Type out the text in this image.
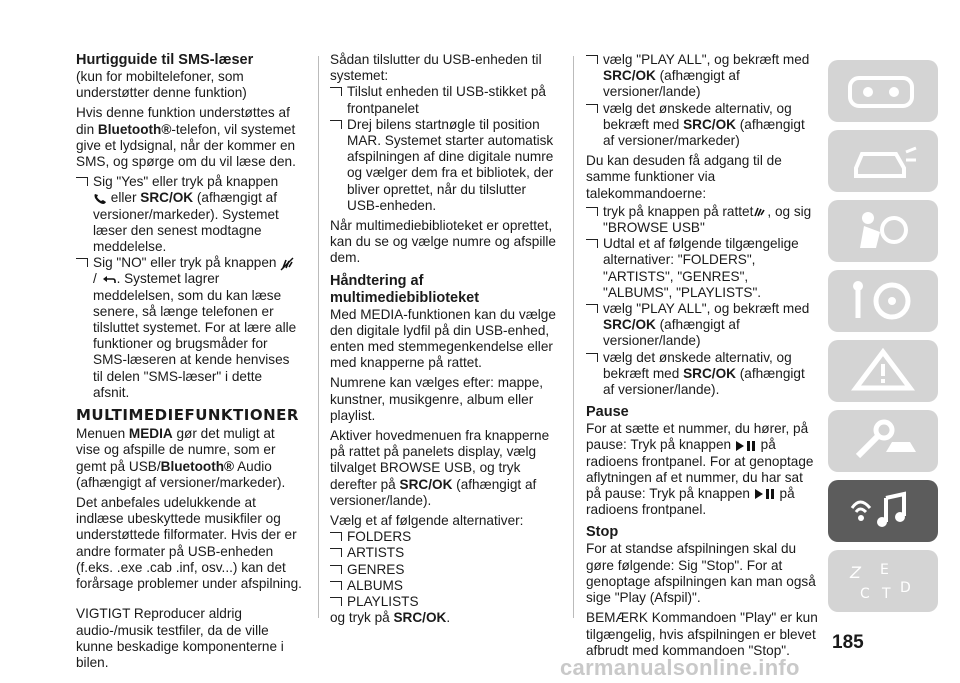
Hurtigguide til SMS-læser

(kun for mobiltelefoner, som understøtter denne funktion)

Hvis denne funktion understøttes af din Bluetooth®-telefon, vil systemet give et lydsignal, når der kommer en SMS, og spørge om du vil læse den.

Sig "Yes" eller tryk på knappen
eller SRC/OK (afhængigt af versioner/markeder). Systemet læser den senest modtagne meddelelse.
Sig "NO" eller tryk på knappen
/ . Systemet lagrer meddelelsen, som du kan læse senere, så længe telefonen er tilsluttet systemet. For at lære alle funktioner og brugsmåder for SMS-læseren at kende henvises til delen "SMS-læser" i dette afsnit.
MULTIMEDIEFUNKTIONER

Menuen MEDIA gør det muligt at vise og afspille de numre, som er gemt på USB/Bluetooth® Audio (afhængigt af versioner/markeder).

Det anbefales udelukkende at indlæse ubeskyttede musikfiler og understøttede filformater. Hvis der er andre formater på USB-enheden (f.eks. .exe .cab .inf, osv...) kan det forårsage problemer under afspilning.

VIGTIGT Reproducer aldrig audio-/musik testfiler, da de ville kunne beskadige komponenterne i bilen.

Sådan tilslutter du USB-enheden til systemet:

Tilslut enheden til USB-stikket på frontpanelet
Drej bilens startnøgle til position MAR. Systemet starter automatisk afspilningen af dine digitale numre og vælger dem fra et bibliotek, der bliver oprettet, når du tilslutter USB-enheden.

Når multimediebiblioteket er oprettet, kan du se og vælge numre og afspille dem.

Håndtering af multimediebiblioteket

Med MEDIA-funktionen kan du vælge den digitale lydfil på din USB-enhed, enten med stemmegenkendelse eller med knapperne på rattet.

Numrene kan vælges efter: mappe, kunstner, musikgenre, album eller playlist.

Aktiver hovedmenuen fra knapperne på rattet på panelets display, vælg tilvalget BROWSE USB, og tryk derefter på SRC/OK (afhængigt af versioner/lande).

Vælg et af følgende alternativer:

FOLDERS
ARTISTS
GENRES
ALBUMS
PLAYLISTS

og tryk på SRC/OK.

vælg "PLAY ALL", og bekræft med SRC/OK (afhængigt af versioner/lande)
vælg det ønskede alternativ, og bekræft med SRC/OK (afhængigt af versioner/markeder)

Du kan desuden få adgang til de samme funktioner via talekommandoerne:

tryk på knappen på rattet , og sig "BROWSE USB"
Udtal et af følgende tilgængelige alternativer: "FOLDERS", "ARTISTS", "GENRES", "ALBUMS", "PLAYLISTS".
vælg "PLAY ALL", og bekræft med SRC/OK (afhængigt af versioner/lande)
vælg det ønskede alternativ, og bekræft med SRC/OK (afhængigt af versioner/lande).
Pause

For at sætte et nummer, du hører, på pause: Tryk på knappen  på radioens frontpanel. For at genoptage aflytningen af et nummer, du har sat på pause: Tryk på knappen  på radioens frontpanel.

Stop

For at standse afspilningen skal du gøre følgende: Sig "Stop". For at genoptage afspilningen kan man også sige "Play (Afspil)".

BEMÆRK Kommandoen "Play" er kun tilgængelig, hvis afspilningen er blevet afbrudt med kommandoen "Stop".

Z E
C T D
185
carmanualsonline.info
